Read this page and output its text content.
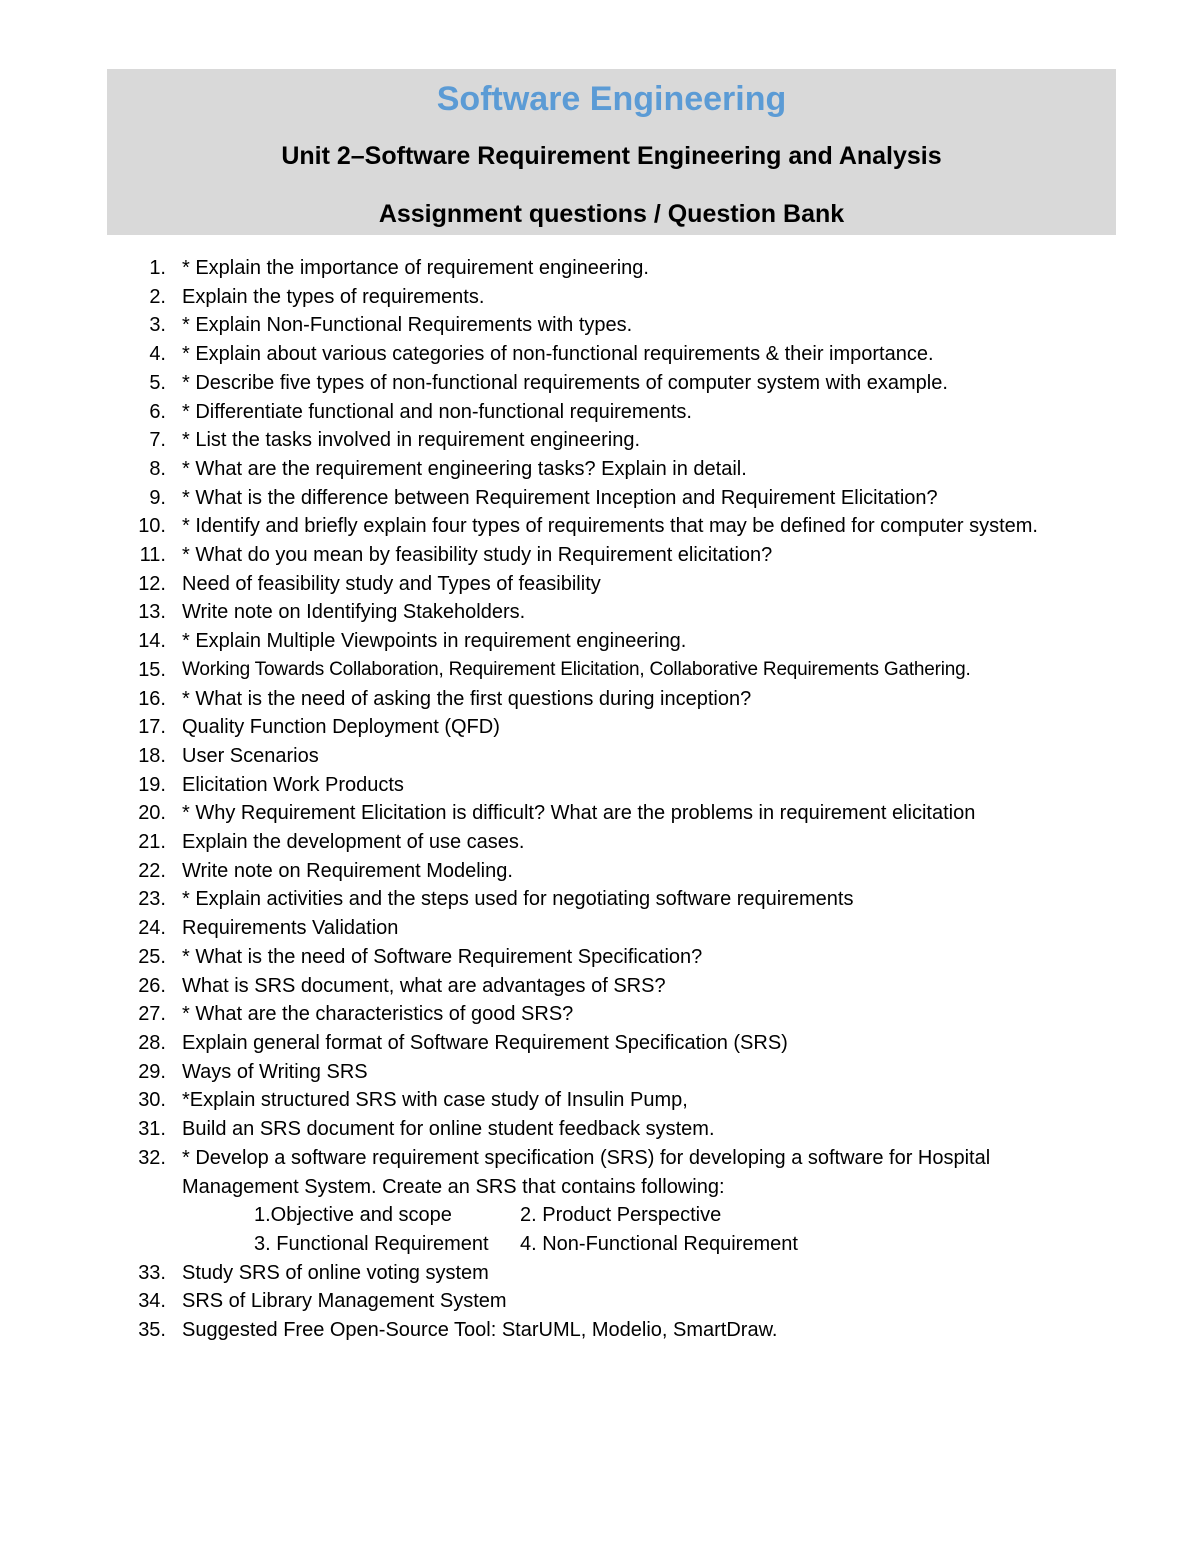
Software Engineering
Unit 2–Software Requirement Engineering and Analysis
Assignment questions / Question Bank
1. * Explain the importance of requirement engineering.
2. Explain the types of requirements.
3. * Explain Non-Functional Requirements with types.
4. * Explain about various categories of non-functional requirements & their importance.
5. * Describe five types of non-functional requirements of computer system with example.
6. * Differentiate functional and non-functional requirements.
7. * List the tasks involved in requirement engineering.
8. * What are the requirement engineering tasks? Explain in detail.
9. * What is the difference between Requirement Inception and Requirement Elicitation?
10. * Identify and briefly explain four types of requirements that may be defined for computer system.
11. * What do you mean by feasibility study in Requirement elicitation?
12. Need of feasibility study and Types of feasibility
13. Write note on Identifying Stakeholders.
14. * Explain Multiple Viewpoints in requirement engineering.
15. Working Towards Collaboration, Requirement Elicitation, Collaborative Requirements Gathering.
16. * What is the need of asking the first questions during inception?
17. Quality Function Deployment (QFD)
18. User Scenarios
19. Elicitation Work Products
20. * Why Requirement Elicitation is difficult? What are the problems in requirement elicitation
21. Explain the development of use cases.
22. Write note on Requirement Modeling.
23. * Explain activities and the steps used for negotiating software requirements
24. Requirements Validation
25. * What is the need of Software Requirement Specification?
26. What is SRS document, what are advantages of SRS?
27. * What are the characteristics of good SRS?
28. Explain general format of Software Requirement Specification (SRS)
29. Ways of Writing SRS
30. *Explain structured SRS with case study of Insulin Pump,
31. Build an SRS document for online student feedback system.
32. * Develop a software requirement specification (SRS) for developing a software for Hospital Management System. Create an SRS that contains following:
1.Objective and scope	2. Product Perspective
3. Functional Requirement 4. Non-Functional Requirement
33. Study SRS of online voting system
34. SRS of Library Management System
35. Suggested Free Open-Source Tool: StarUML, Modelio, SmartDraw.
